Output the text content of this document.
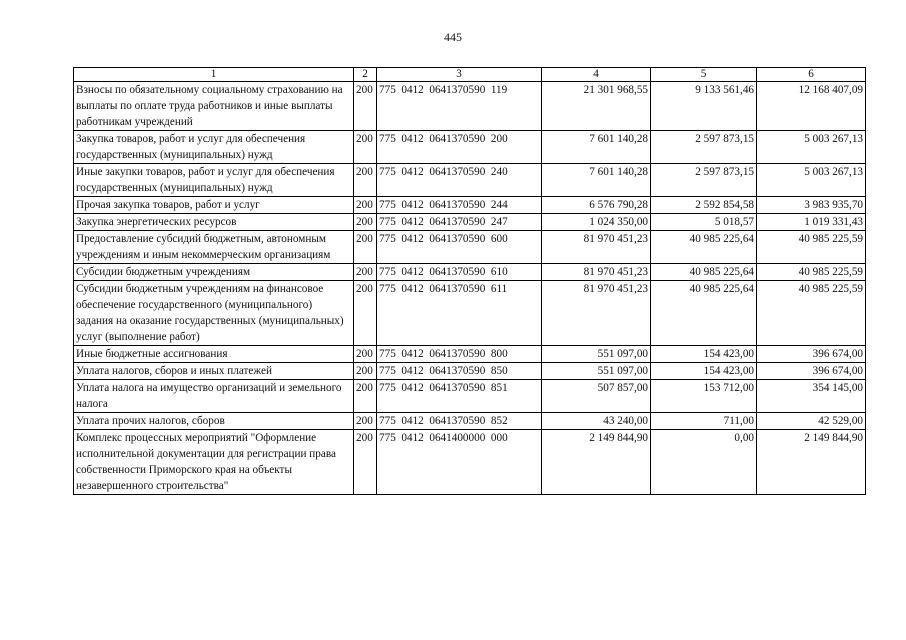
445
1	2	3	4	5	6
Взносы по обязательному социальному страхованию на выплаты по оплате труда работников и иные выплаты работникам учреждений	200	775  0412  0641370590  119	21 301 968,55	9 133 561,46	12 168 407,09
Закупка товаров, работ и услуг для обеспечения государственных (муниципальных) нужд	200	775  0412  0641370590  200	7 601 140,28	2 597 873,15	5 003 267,13
Иные закупки товаров, работ и услуг для обеспечения государственных (муниципальных) нужд	200	775  0412  0641370590  240	7 601 140,28	2 597 873,15	5 003 267,13
Прочая закупка товаров, работ и услуг	200	775  0412  0641370590  244	6 576 790,28	2 592 854,58	3 983 935,70
Закупка энергетических ресурсов	200	775  0412  0641370590  247	1 024 350,00	5 018,57	1 019 331,43
Предоставление субсидий бюджетным, автономным учреждениям и иным некоммерческим организациям	200	775  0412  0641370590  600	81 970 451,23	40 985 225,64	40 985 225,59
Субсидии бюджетным учреждениям	200	775  0412  0641370590  610	81 970 451,23	40 985 225,64	40 985 225,59
Субсидии бюджетным учреждениям на финансовое обеспечение государственного (муниципального) задания на оказание государственных (муниципальных) услуг (выполнение работ)	200	775  0412  0641370590  611	81 970 451,23	40 985 225,64	40 985 225,59
Иные бюджетные ассигнования	200	775  0412  0641370590  800	551 097,00	154 423,00	396 674,00
Уплата налогов, сборов и иных платежей	200	775  0412  0641370590  850	551 097,00	154 423,00	396 674,00
Уплата налога на имущество организаций и земельного налога	200	775  0412  0641370590  851	507 857,00	153 712,00	354 145,00
Уплата прочих налогов, сборов	200	775  0412  0641370590  852	43 240,00	711,00	42 529,00
Комплекс процессных мероприятий "Оформление исполнительной документации для регистрации права собственности Приморского края на объекты незавершенного строительства"	200	775  0412  0641400000  000	2 149 844,90	0,00	2 149 844,90
